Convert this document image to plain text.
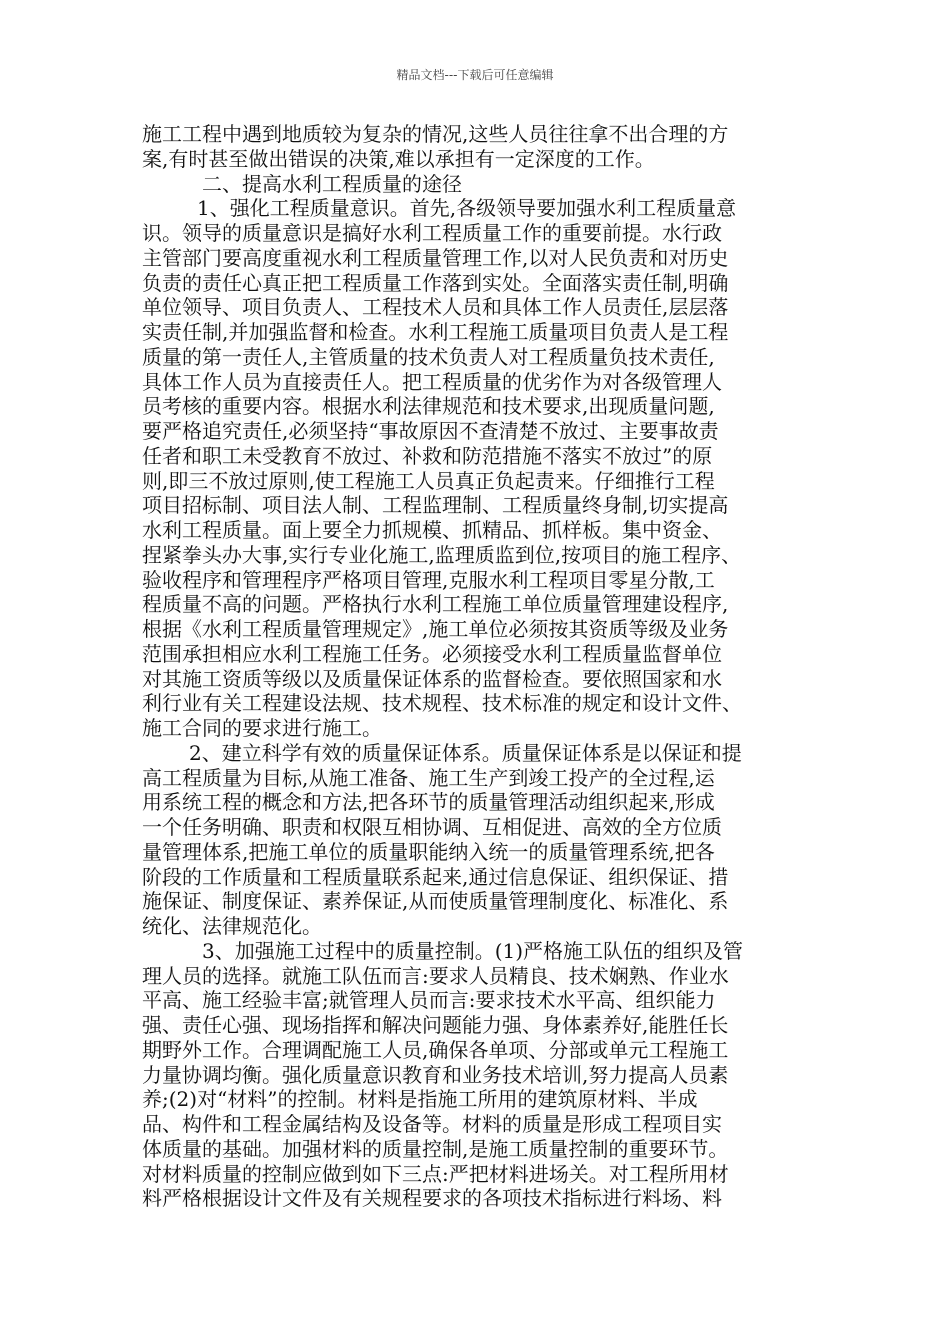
精品文档---下载后可任意编辑
施工工程中遇到地质较为复杂的情况,这些人员往往拿不出合理的方
案,有时甚至做出错误的决策,难以承担有一定深度的工作。
二、提高水利工程质量的途径
1、强化工程质量意识。首先,各级领导要加强水利工程质量意
识。领导的质量意识是搞好水利工程质量工作的重要前提。水行政
主管部门要高度重视水利工程质量管理工作,以对人民负责和对历史
负责的责任心真正把工程质量工作落到实处。全面落实责任制,明确
单位领导、项目负责人、工程技术人员和具体工作人员责任,层层落
实责任制,并加强监督和检查。水利工程施工质量项目负责人是工程
质量的第一责任人,主管质量的技术负责人对工程质量负技术责任,
具体工作人员为直接责任人。把工程质量的优劣作为对各级管理人
员考核的重要内容。根据水利法律规范和技术要求,出现质量问题,
要严格追究责任,必须坚持“事故原因不查清楚不放过、主要事故责
任者和职工未受教育不放过、补救和防范措施不落实不放过”的原
则,即三不放过原则,使工程施工人员真正负起责来。仔细推行工程
项目招标制、项目法人制、工程监理制、工程质量终身制,切实提高
水利工程质量。面上要全力抓规模、抓精品、抓样板。集中资金、
捏紧拳头办大事,实行专业化施工,监理质监到位,按项目的施工程序、
验收程序和管理程序严格项目管理,克服水利工程项目零星分散,工
程质量不高的问题。严格执行水利工程施工单位质量管理建设程序,
根据《水利工程质量管理规定》,施工单位必须按其资质等级及业务
范围承担相应水利工程施工任务。必须接受水利工程质量监督单位
对其施工资质等级以及质量保证体系的监督检查。要依照国家和水
利行业有关工程建设法规、技术规程、技术标准的规定和设计文件、
施工合同的要求进行施工。
2、建立科学有效的质量保证体系。质量保证体系是以保证和提
高工程质量为目标,从施工准备、施工生产到竣工投产的全过程,运
用系统工程的概念和方法,把各环节的质量管理活动组织起来,形成
一个任务明确、职责和权限互相协调、互相促进、高效的全方位质
量管理体系,把施工单位的质量职能纳入统一的质量管理系统,把各
阶段的工作质量和工程质量联系起来,通过信息保证、组织保证、措
施保证、制度保证、素养保证,从而使质量管理制度化、标准化、系
统化、法律规范化。
3、加强施工过程中的质量控制。(1)严格施工队伍的组织及管
理人员的选择。就施工队伍而言:要求人员精良、技术娴熟、作业水
平高、施工经验丰富;就管理人员而言:要求技术水平高、组织能力
强、责任心强、现场指挥和解决问题能力强、身体素养好,能胜任长
期野外工作。合理调配施工人员,确保各单项、分部或单元工程施工
力量协调均衡。强化质量意识教育和业务技术培训,努力提高人员素
养;(2)对“材料”的控制。材料是指施工所用的建筑原材料、半成
品、构件和工程金属结构及设备等。材料的质量是形成工程项目实
体质量的基础。加强材料的质量控制,是施工质量控制的重要环节。
对材料质量的控制应做到如下三点:严把材料进场关。对工程所用材
料严格根据设计文件及有关规程要求的各项技术指标进行料场、料
